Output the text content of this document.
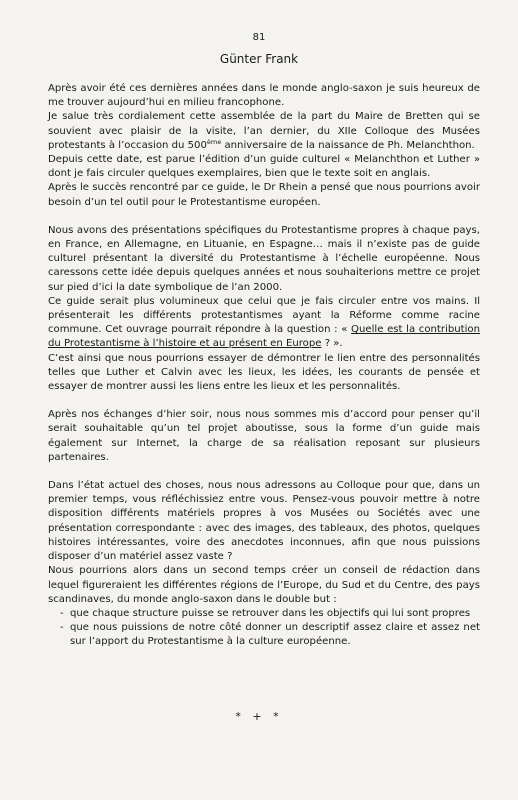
81
Günter Frank

Après avoir été ces dernières années dans le monde anglo-saxon je suis heureux de me trouver aujourd’hui en milieu francophone.

Je salue très cordialement cette assemblée de la part du Maire de Bretten qui se souvient avec plaisir de la visite, l’an dernier, du XIIe Colloque des Musées protestants à l’occasion du 500ème anniversaire de la naissance de Ph. Melanchthon.

Depuis cette date, est parue l’édition d’un guide culturel « Melanchthon et Luther » dont je fais circuler quelques exemplaires, bien que le texte soit en anglais.

Après le succès rencontré par ce guide, le Dr Rhein a pensé que nous pourrions avoir besoin d’un tel outil pour le Protestantisme européen.

Nous avons des présentations spécifiques du Protestantisme propres à chaque pays, en France, en Allemagne, en Lituanie, en Espagne… mais il n’existe pas de guide culturel présentant la diversité du Protestantisme à l’échelle européenne. Nous caressons cette idée depuis quelques années et nous souhaiterions mettre ce projet sur pied d’ici la date symbolique de l’an 2000.

Ce guide serait plus volumineux que celui que je fais circuler entre vos mains. Il présenterait les différents protestantismes ayant la Réforme comme racine commune. Cet ouvrage pourrait répondre à la question : « Quelle est la contribution du Protestantisme à l’histoire et au présent en Europe ? ».

C’est ainsi que nous pourrions essayer de démontrer le lien entre des personnalités telles que Luther et Calvin avec les lieux, les idées, les courants de pensée et essayer de montrer aussi les liens entre les lieux et les personnalités.

Après nos échanges d’hier soir, nous nous sommes mis d’accord pour penser qu’il serait souhaitable qu’un tel projet aboutisse, sous la forme d’un guide mais également sur Internet, la charge de sa réalisation reposant sur plusieurs partenaires.

Dans l’état actuel des choses, nous nous adressons au Colloque pour que, dans un premier temps, vous réfléchissiez entre vous. Pensez-vous pouvoir mettre à notre disposition différents matériels propres à vos Musées ou Sociétés avec une présentation correspondante : avec des images, des tableaux, des photos, quelques histoires intéressantes, voire des anecdotes inconnues, afin que nous puissions disposer d’un matériel assez vaste ?

Nous pourrions alors dans un second temps créer un conseil de rédaction dans lequel figureraient les différentes régions de l’Europe, du Sud et du Centre, des pays scandinaves, du monde anglo-saxon dans le double but :

- que chaque structure puisse se retrouver dans les objectifs qui lui sont propres
- que nous puissions de notre côté donner un descriptif assez claire et assez net sur l’apport du Protestantisme à la culture européenne.
* + *
